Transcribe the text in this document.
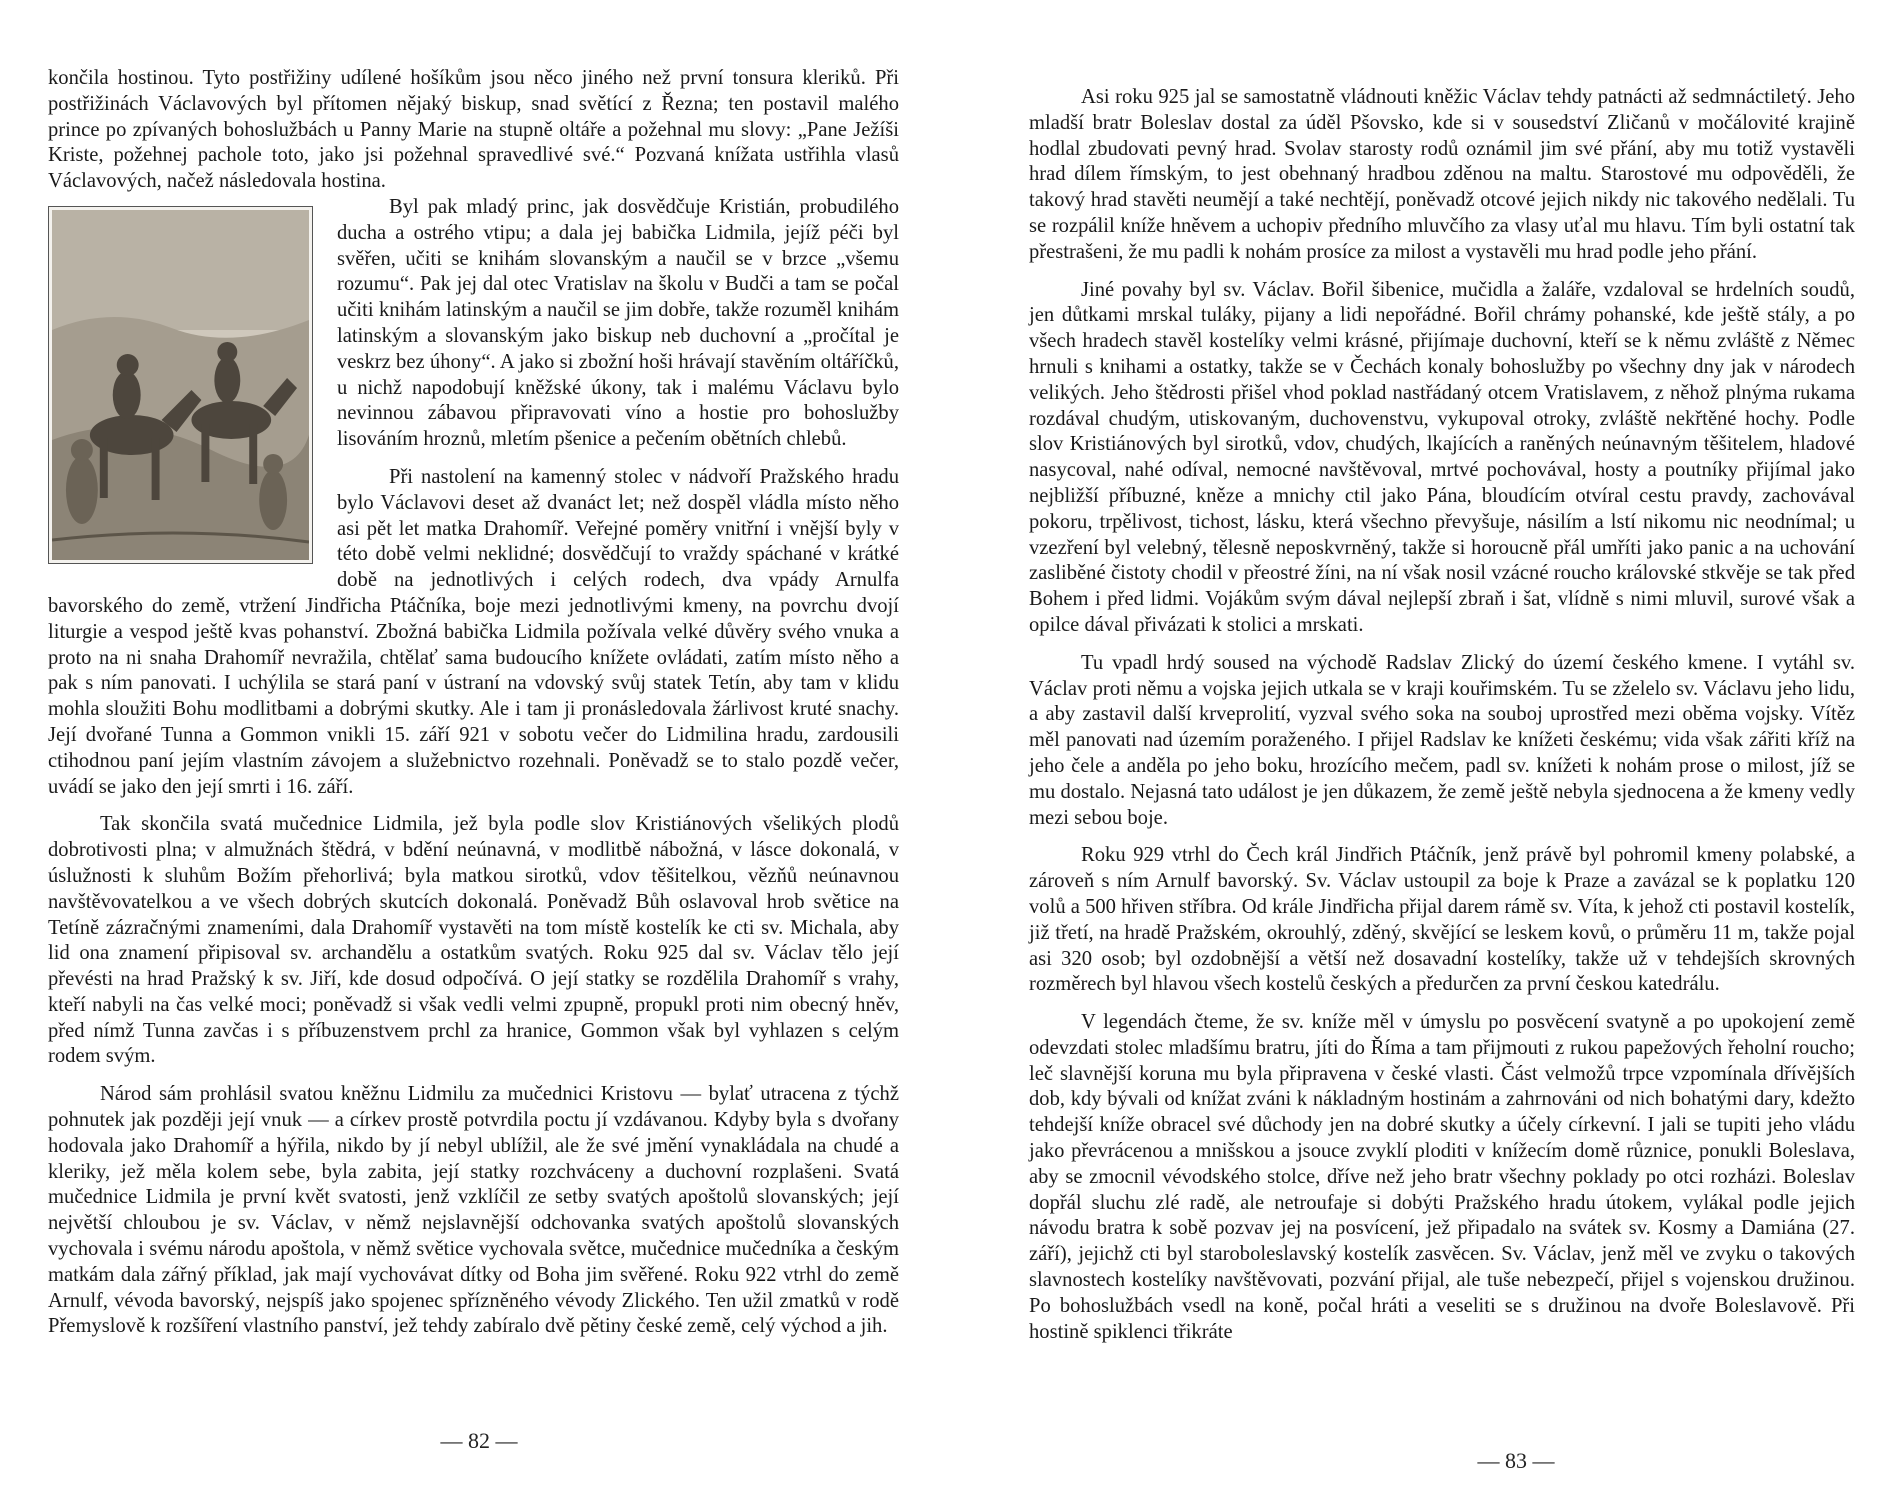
končila hostinou. Tyto postřižiny udílené hošíkům jsou něco jiného než první tonsura kleriků. Při postřižinách Václavových byl přítomen nějaký biskup, snad světící z Řezna; ten postavil malého prince po zpívaných bohoslužbách u Panny Marie na stupně oltáře a požehnal mu slovy: „Pane Ježíši Kriste, požehnej pachole toto, jako jsi požehnal spravedlivé své.“ Pozvaná knížata ustřihla vlasů Václavových, načež následovala hostina.

Byl pak mladý princ, jak dosvědčuje Kristián, probudilého ducha a ostrého vtipu; a dala jej babička Lidmila, jejíž péči byl svěřen, učiti se knihám slovanským a naučil se v brzce „všemu rozumu“. Pak jej dal otec Vratislav na školu v Budči a tam se počal učiti knihám latinským a naučil se jim dobře, takže rozuměl knihám latinským a slovanským jako biskup neb duchovní a „pročítal je veskrz bez úhony“. A jako si zbožní hoši hrávají stavěním oltáříčků, u nichž napodobují kněžské úkony, tak i malému Václavu bylo nevinnou zábavou připravovati víno a hostie pro bohoslužby lisováním hroznů, mletím pšenice a pečením obětních chlebů.

Při nastolení na kamenný stolec v nádvoří Pražského hradu bylo Václavovi deset až dvanáct let; než dospěl vládla místo něho asi pět let matka Drahomíř. Veřejné poměry vnitřní i vnější byly v této době velmi neklidné; dosvědčují to vraždy spáchané v krátké době na jednotlivých i celých rodech, dva vpády Arnulfa bavorského do země, vtržení Jindřicha Ptáčníka, boje mezi jednotlivými kmeny, na povrchu dvojí liturgie a vespod ještě kvas pohanství. Zbožná babička Lidmila požívala velké důvěry svého vnuka a proto na ni snaha Drahomíř nevražila, chtělať sama budoucího knížete ovládati, zatím místo něho a pak s ním panovati. I uchýlila se stará paní v ústraní na vdovský svůj statek Tetín, aby tam v klidu mohla sloužiti Bohu modlitbami a dobrými skutky. Ale i tam ji pronásledovala žárlivost kruté snachy. Její dvořané Tunna a Gommon vnikli 15. září 921 v sobotu večer do Lidmilina hradu, zardousili ctihodnou paní jejím vlastním závojem a služebnictvo rozehnali. Poněvadž se to stalo pozdě večer, uvádí se jako den její smrti i 16. září.

Tak skončila svatá mučednice Lidmila, jež byla podle slov Kristiánových všelikých plodů dobrotivosti plna; v almužnách štědrá, v bdění neúnavná, v modlitbě nábožná, v lásce dokonalá, v úslužnosti k sluhům Božím přehorlivá; byla matkou sirotků, vdov těšitelkou, vězňů neúnavnou navštěvovatelkou a ve všech dobrých skutcích dokonalá. Poněvadž Bůh oslavoval hrob světice na Tetíně zázračnými znameními, dala Drahomíř vystavěti na tom místě kostelík ke cti sv. Michala, aby lid ona znamení připisoval sv. archandělu a ostatkům svatých. Roku 925 dal sv. Václav tělo její převésti na hrad Pražský k sv. Jiří, kde dosud odpočívá. O její statky se rozdělila Drahomíř s vrahy, kteří nabyli na čas velké moci; poněvadž si však vedli velmi zpupně, propukl proti nim obecný hněv, před nímž Tunna zavčas i s příbuzenstvem prchl za hranice, Gommon však byl vyhlazen s celým rodem svým.

Národ sám prohlásil svatou kněžnu Lidmilu za mučednici Kristovu — bylať utracena z týchž pohnutek jak později její vnuk — a církev prostě potvrdila poctu jí vzdávanou. Kdyby byla s dvořany hodovala jako Drahomíř a hýřila, nikdo by jí nebyl ublížil, ale že své jmění vynakládala na chudé a kleriky, jež měla kolem sebe, byla zabita, její statky rozchváceny a duchovní rozplašeni. Svatá mučednice Lidmila je první květ svatosti, jenž vzklíčil ze setby svatých apoštolů slovanských; její největší chloubou je sv. Václav, v němž nejslavnější odchovanka svatých apoštolů slovanských vychovala i svému národu apoštola, v němž světice vychovala světce, mučednice mučedníka a českým matkám dala zářný příklad, jak mají vychovávat dítky od Boha jim svěřené. Roku 922 vtrhl do země Arnulf, vévoda bavorský, nejspíš jako spojenec spřízněného vévody Zlického. Ten užil zmatků v rodě Přemyslově k rozšíření vlastního panství, jež tehdy zabíralo dvě pětiny české země, celý východ a jih.

— 82 —

Asi roku 925 jal se samostatně vládnouti kněžic Václav tehdy patnácti až sedmnáctiletý. Jeho mladší bratr Boleslav dostal za úděl Pšovsko, kde si v sousedství Zličanů v močálovité krajině hodlal zbudovati pevný hrad. Svolav starosty rodů oznámil jim své přání, aby mu totiž vystavěli hrad dílem římským, to jest obehnaný hradbou zděnou na maltu. Starostové mu odpověděli, že takový hrad stavěti neumějí a také nechtějí, poněvadž otcové jejich nikdy nic takového nedělali. Tu se rozpálil kníže hněvem a uchopiv předního mluvčího za vlasy uťal mu hlavu. Tím byli ostatní tak přestrašeni, že mu padli k nohám prosíce za milost a vystavěli mu hrad podle jeho přání.

Jiné povahy byl sv. Václav. Bořil šibenice, mučidla a žaláře, vzdaloval se hrdelních soudů, jen důtkami mrskal tuláky, pijany a lidi nepořádné. Bořil chrámy pohanské, kde ještě stály, a po všech hradech stavěl kostelíky velmi krásné, přijímaje duchovní, kteří se k němu zvláště z Němec hrnuli s knihami a ostatky, takže se v Čechách konaly bohoslužby po všechny dny jak v národech velikých. Jeho štědrosti přišel vhod poklad nastřádaný otcem Vratislavem, z něhož plnýma rukama rozdával chudým, utiskovaným, duchovenstvu, vykupoval otroky, zvláště nekřtěné hochy. Podle slov Kristiánových byl sirotků, vdov, chudých, lkajících a raněných neúnavným těšitelem, hladové nasycoval, nahé odíval, nemocné navštěvoval, mrtvé pochovával, hosty a poutníky přijímal jako nejbližší příbuzné, kněze a mnichy ctil jako Pána, bloudícím otvíral cestu pravdy, zachovával pokoru, trpělivost, tichost, lásku, která všechno převyšuje, násilím a lstí nikomu nic neodnímal; u vzezření byl velebný, tělesně neposkvrněný, takže si horoucně přál umříti jako panic a na uchování zasliběné čistoty chodil v přeostré žíni, na ní však nosil vzácné roucho královské stkvěje se tak před Bohem i před lidmi. Vojákům svým dával nejlepší zbraň i šat, vlídně s nimi mluvil, surové však a opilce dával přivázati k stolici a mrskati.

Tu vpadl hrdý soused na východě Radslav Zlický do území českého kmene. I vytáhl sv. Václav proti němu a vojska jejich utkala se v kraji kouřimském. Tu se zželelo sv. Václavu jeho lidu, a aby zastavil další krveprolití, vyzval svého soka na souboj uprostřed mezi oběma vojsky. Vítěz měl panovati nad územím poraženého. I přijel Radslav ke knížeti českému; vida však zářiti kříž na jeho čele a anděla po jeho boku, hrozícího mečem, padl sv. knížeti k nohám prose o milost, jíž se mu dostalo. Nejasná tato událost je jen důkazem, že země ještě nebyla sjednocena a že kmeny vedly mezi sebou boje.

Roku 929 vtrhl do Čech král Jindřich Ptáčník, jenž právě byl pohromil kmeny polabské, a zároveň s ním Arnulf bavorský. Sv. Václav ustoupil za boje k Praze a zavázal se k poplatku 120 volů a 500 hřiven stříbra. Od krále Jindřicha přijal darem rámě sv. Víta, k jehož cti postavil kostelík, již třetí, na hradě Pražském, okrouhlý, zděný, skvějící se leskem kovů, o průměru 11 m, takže pojal asi 320 osob; byl ozdobnější a větší než dosavadní kostelíky, takže už v tehdejších skrovných rozměrech byl hlavou všech kostelů českých a předurčen za první českou katedrálu.

V legendách čteme, že sv. kníže měl v úmyslu po posvěcení svatyně a po upokojení země odevzdati stolec mladšímu bratru, jíti do Říma a tam přijmouti z rukou papežových řeholní roucho; leč slavnější koruna mu byla připravena v české vlasti. Část velmožů trpce vzpomínala dřívějších dob, kdy bývali od knížat zváni k nákladným hostinám a zahrnováni od nich bohatými dary, kdežto tehdejší kníže obracel své důchody jen na dobré skutky a účely církevní. I jali se tupiti jeho vládu jako převrácenou a mnišskou a jsouce zvyklí ploditi v knížecím domě různice, ponukli Boleslava, aby se zmocnil vévodského stolce, dříve než jeho bratr všechny poklady po otci rozházi. Boleslav dopřál sluchu zlé radě, ale netroufaje si dobýti Pražského hradu útokem, vylákal podle jejich návodu bratra k sobě pozvav jej na posvícení, jež připadalo na svátek sv. Kosmy a Damiána (27. září), jejichž cti byl staroboleslavský kostelík zasvěcen. Sv. Václav, jenž měl ve zvyku o takových slavnostech kostelíky navštěvovati, pozvání přijal, ale tuše nebezpečí, přijel s vojenskou družinou. Po bohoslužbách vsedl na koně, počal hráti a veseliti se s družinou na dvoře Boleslavově. Při hostině spiklenci třikráte

— 83 —
